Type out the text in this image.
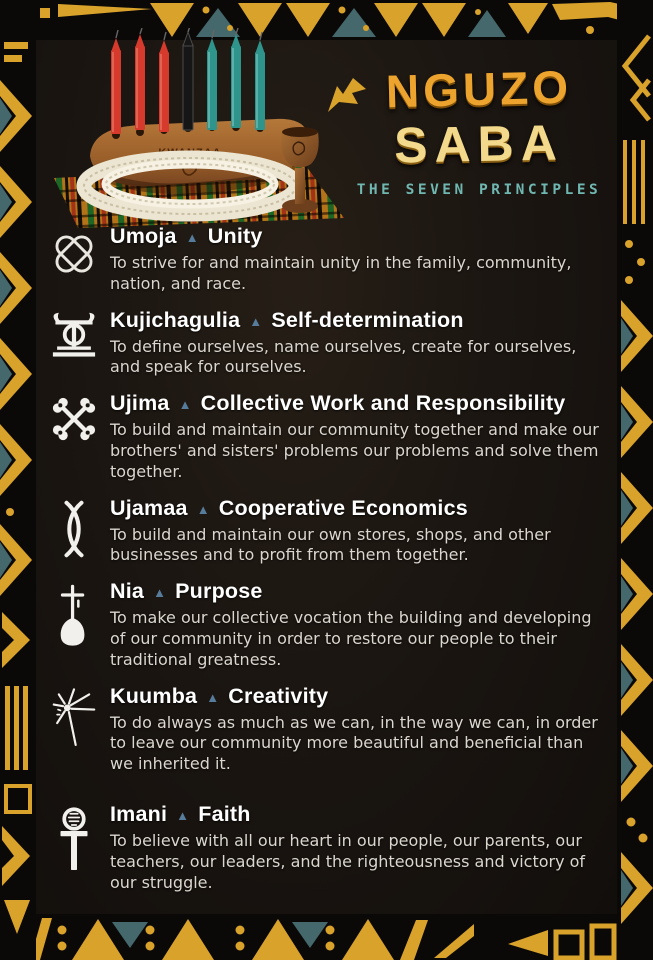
KWANZAA
NGUZO
SABA
THE SEVEN PRINCIPLES
Umoja ▲ Unity

To strive for and maintain unity in the family, community, nation, and race.

Kujichagulia ▲ Self-determination

To define ourselves, name ourselves, create for ourselves, and speak for ourselves.

Ujima ▲ Collective Work and Responsibility

To build and maintain our community together and make our brothers' and sisters' problems our problems and solve them together.

Ujamaa ▲ Cooperative Economics

To build and maintain our own stores, shops, and other businesses and to profit from them together.

Nia ▲ Purpose

To make our collective vocation the building and developing of our community in order to restore our people to their traditional greatness.

Kuumba ▲ Creativity

To do always as much as we can, in the way we can, in order to leave our community more beautiful and beneficial than we inherited it.

Imani ▲ Faith

To believe with all our heart in our people, our parents, our teachers, our leaders, and the righteousness and victory of our struggle.
